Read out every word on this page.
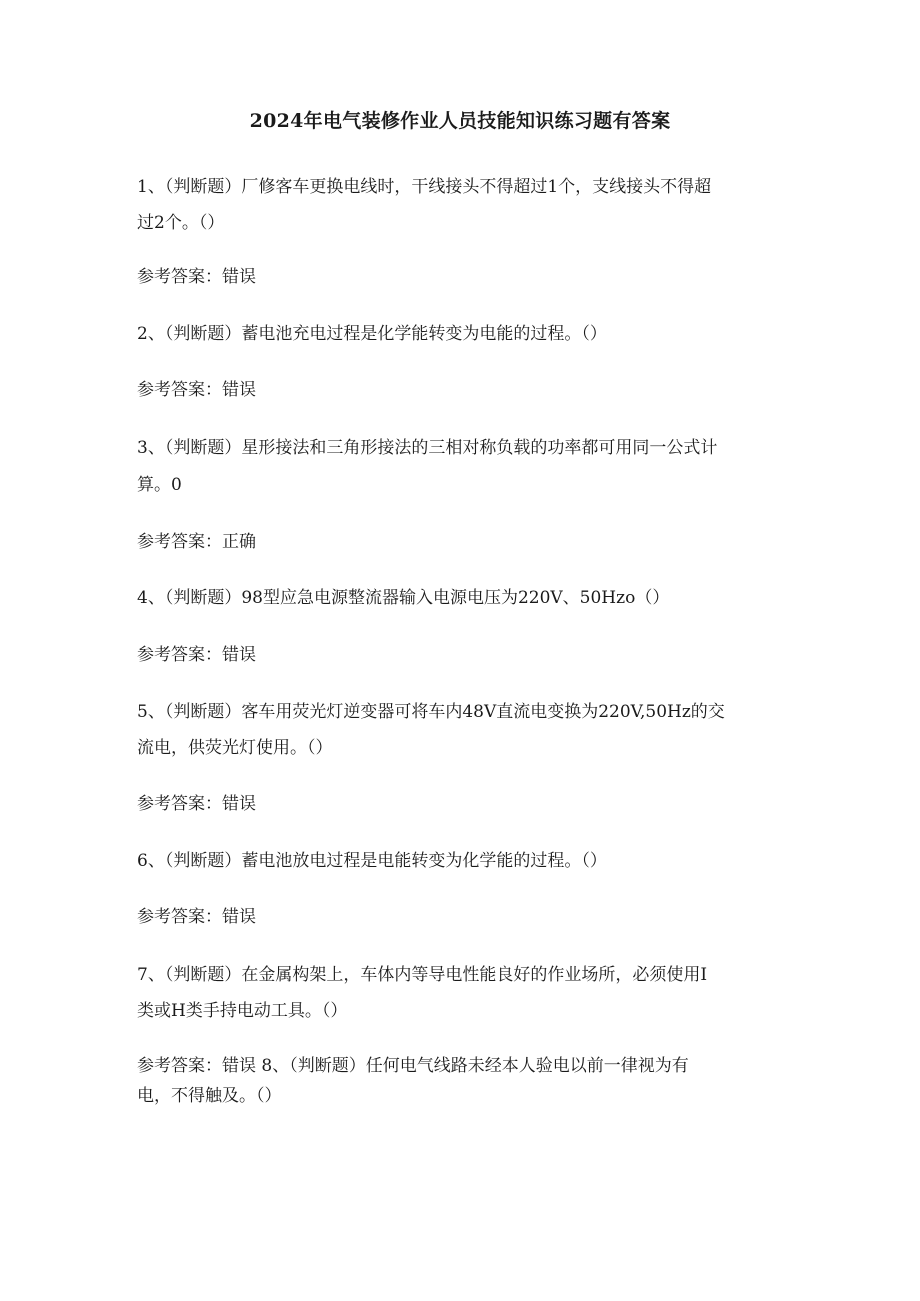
2024年电气装修作业人员技能知识练习题有答案
1、（判断题）厂修客车更换电线时，干线接头不得超过1个，支线接头不得超
过2个。（）
参考答案：错误
2、（判断题）蓄电池充电过程是化学能转变为电能的过程。（）
参考答案：错误
3、（判断题）星形接法和三角形接法的三相对称负载的功率都可用同一公式计
算。0
参考答案：正确
4、（判断题）98型应急电源整流器输入电源电压为220V、50Hzo（）
参考答案：错误
5、（判断题）客车用荧光灯逆变器可将车内48V直流电变换为220V,50Hz的交
流电，供荧光灯使用。（）
参考答案：错误
6、（判断题）蓄电池放电过程是电能转变为化学能的过程。（）
参考答案：错误
7、（判断题）在金属构架上，车体内等导电性能良好的作业场所，必须使用I
类或H类手持电动工具。（）
参考答案：错误 8、（判断题）任何电气线路未经本人验电以前一律视为有
电，不得触及。（）
